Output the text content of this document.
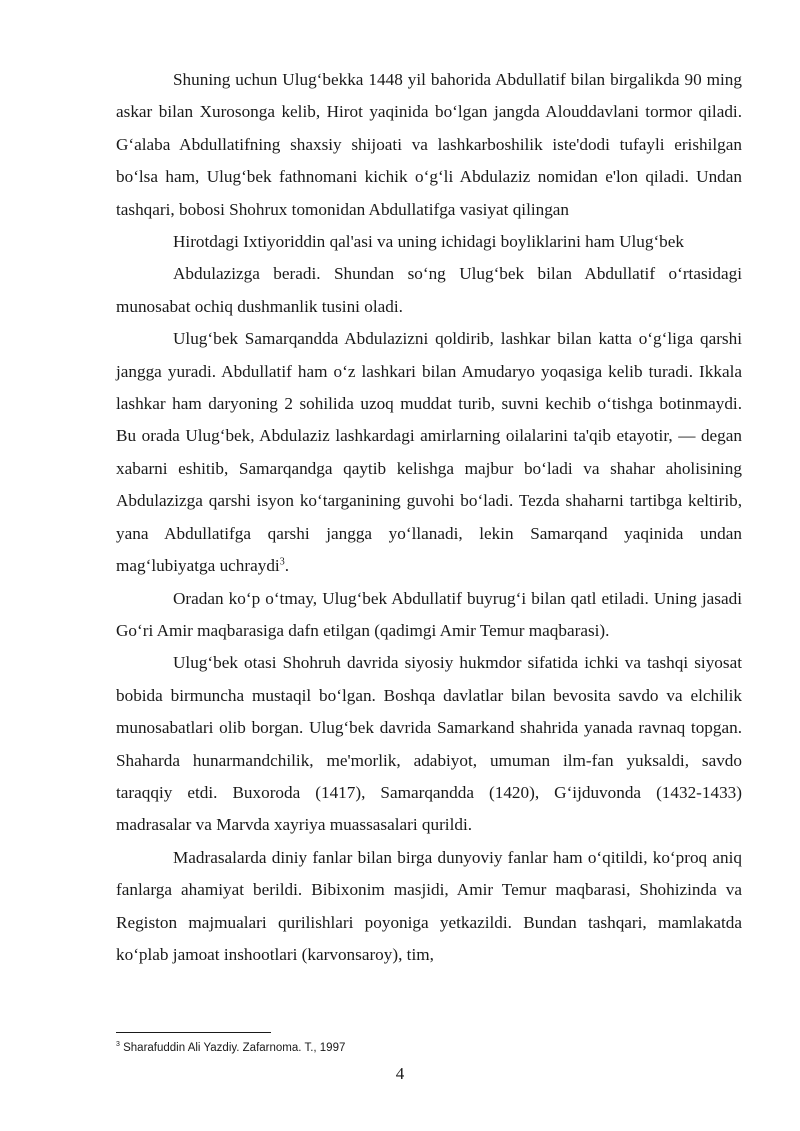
Shuning uchun Ulug‘bekka 1448 yil bahorida Abdullatif bilan birgalikda 90 ming askar bilan Xurosonga kelib, Hirot yaqinida bo‘lgan jangda Alouddavlani tormor qiladi. G‘alaba Abdullatifning shaxsiy shijoati va lashkarboshilik iste'dodi tufayli erishilgan bo‘lsa ham, Ulug‘bek fathnomani kichik o‘g‘li Abdulaziz nomidan e'lon qiladi. Undan tashqari, bobosi Shohrux tomonidan Abdullatifga vasiyat qilingan

Hirotdagi Ixtiyoriddin qal'asi va uning ichidagi boyliklarini ham Ulug‘bek

Abdulazizga beradi. Shundan so‘ng Ulug‘bek bilan Abdullatif o‘rtasidagi munosabat ochiq dushmanlik tusini oladi.

Ulug‘bek Samarqandda Abdulazizni qoldirib, lashkar bilan katta o‘g‘liga qarshi jangga yuradi. Abdullatif ham o‘z lashkari bilan Amudaryo yoqasiga kelib turadi. Ikkala lashkar ham daryoning 2 sohilida uzoq muddat turib, suvni kechib o‘tishga botinmaydi. Bu orada Ulug‘bek, Abdulaziz lashkardagi amirlarning oilalarini ta'qib etayotir, — degan xabarni eshitib, Samarqandga qaytib kelishga majbur bo‘ladi va shahar aholisining Abdulazizga qarshi isyon ko‘targanining guvohi bo‘ladi. Tezda shaharni tartibga keltirib, yana Abdullatifga qarshi jangga yo‘llanadi, lekin Samarqand yaqinida undan mag‘lubiyatga uchraydi$^3$.

Oradan ko‘p o‘tmay, Ulug‘bek Abdullatif buyrug‘i bilan qatl etiladi. Uning jasadi Go‘ri Amir maqbarasiga dafn etilgan (qadimgi Amir Temur maqbarasi).

Ulug‘bek otasi Shohruh davrida siyosiy hukmdor sifatida ichki va tashqi siyosat bobida birmuncha mustaqil bo‘lgan. Boshqa davlatlar bilan bevosita savdo va elchilik munosabatlari olib borgan. Ulug‘bek davrida Samarkand shahrida yanada ravnaq topgan. Shaharda hunarmandchilik, me'morlik, adabiyot, umuman ilm-fan yuksaldi, savdo taraqqiy etdi. Buxoroda (1417), Samarqandda (1420), G‘ijduvonda (1432-1433) madrasalar va Marvda xayriya muassasalari qurildi.

Madrasalarda diniy fanlar bilan birga dunyoviy fanlar ham o‘qitildi, ko‘proq aniq fanlarga ahamiyat berildi. Bibixonim masjidi, Amir Temur maqbarasi, Shohizinda va Registon majmualari qurilishlari poyoniga yetkazildi. Bundan tashqari, mamlakatda ko‘plab jamoat inshootlari (karvonsaroy), tim,

$^3$ Sharafuddin Ali Yazdiy. Zafarnoma. T., 1997
4
